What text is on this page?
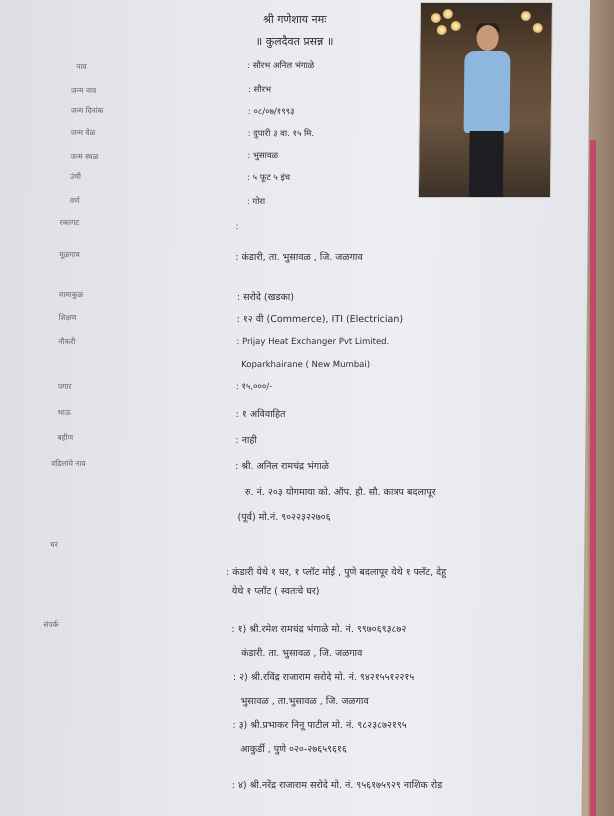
श्री गणेशाय नमः
॥ कुलदैवत प्रसन्न ॥
नाव
जन्म नाव
जन्म दिनांक
जन्म वेळ
जन्म स्थळ
उंची
वर्ण
रक्तगट
मूळगाव
मामाकुळ
शिक्षण
नौकरी
पगार
भाऊ
बहीण
वडिलांचे नाव
घर
संपर्क
: सौरभ अनिल भंगाळे
: सौरभ
: ०८/०७/१९९३
: दुपारी ३ वा. १५ मि.
: भुसावळ
: ५ फूट ५ इंच
: गोरा
:
: कंडारी, ता. भुसावळ , जि. जळगाव
: सरोदे (खडका)
: १२ वी (Commerce), ITI (Electrician)
: Prijay Heat Exchanger Pvt Limited.
Koparkhairane ( New Mumbai)
: १५,०००/-
: १ अविवाहित
: नाही
: श्री. अनिल रामचंद्र भंगाळे
रु. नं. २०३ योगमाया को. ऑप. हौ. सौ. कात्रप बदलापूर
(पूर्व) मो.नं. ९०२२३२२७०६
: कंडारी येथे १ घर, १ प्लॉट मोई , पुणे बदलापूर येथे १ फ्लॅट, देहू
येथे १ प्लॉट ( स्वतःचे घर)
: १) श्री.रमेश रामचंद्र भंगाळे मो. नं. ९९७०६९३८७२
कंडारी. ता. भुसावळ , जि. जळगाव
: २) श्री.रविंद्र राजाराम सरोदे मो. नं. ९४२१५५१२२१५
भुसावळ , ता.भुसावळ , जि. जळगाव
: ३) श्री.प्रभाकर निनू पाटील मो. नं. ९८२३८७२१९५
आकुर्डी , पुणे ०२०-२७६५९६१६
: ४) श्री.नरेंद्र राजाराम सरोदे मो. नं. ९५६१७५९२९ नाशिक रोड
